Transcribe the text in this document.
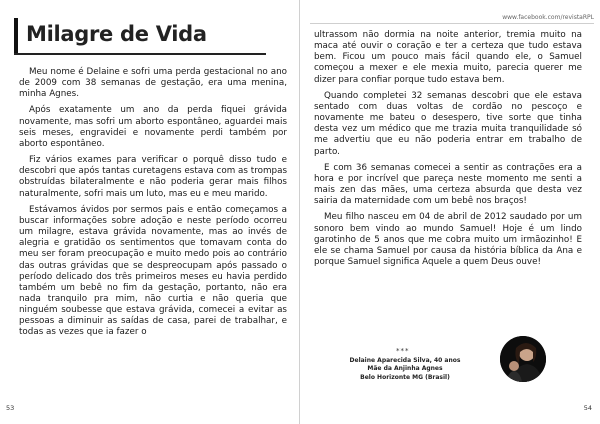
Milagre de Vida

Meu nome é Delaine e sofri uma perda gestacional no ano de 2009 com 38 semanas de gestação, era uma menina, minha Agnes.

Após exatamente um ano da perda fiquei grávida novamente, mas sofri um aborto espontâneo, aguardei mais seis meses, engravidei e novamente perdi também por aborto espontâneo.

Fiz vários exames para verificar o porquê disso tudo e descobri que após tantas curetagens estava com as trompas obstruídas bilateralmente e não poderia gerar mais filhos naturalmente, sofri mais um luto, mas eu e meu marido.

Estávamos ávidos por sermos pais e então começamos a buscar informações sobre adoção e neste período ocorreu um milagre, estava grávida novamente, mas ao invés de alegria e gratidão os sentimentos que tomavam conta do meu ser foram preocupação e muito medo pois ao contrário das outras grávidas que se despreocupam após passado o período delicado dos três primeiros meses eu havia perdido também um bebê no fim da gestação, portanto, não era nada tranquilo pra mim, não curtia e não queria que ninguém soubesse que estava grávida, comecei a evitar as pessoas a diminuir as saídas de casa, parei de trabalhar, e todas as vezes que ia fazer o

53
www.facebook.com/revistaRPL

ultrassom não dormia na noite anterior, tremia muito na maca até ouvir o coração e ter a certeza que tudo estava bem. Ficou um pouco mais fácil quando ele, o Samuel começou a mexer e ele mexia muito, parecia querer me dizer para confiar porque tudo estava bem.

Quando completei 32 semanas descobri que ele estava sentado com duas voltas de cordão no pescoço e novamente me bateu o desespero, tive sorte que tinha desta vez um médico que me trazia muita tranquilidade só me advertiu que eu não poderia entrar em trabalho de parto.

E com 36 semanas comecei a sentir as contrações era a hora e por incrível que pareça neste momento me senti a mais zen das mães, uma certeza absurda que desta vez sairia da maternidade com um bebê nos braços!

Meu filho nasceu em 04 de abril de 2012 saudado por um sonoro bem vindo ao mundo Samuel! Hoje é um lindo garotinho de 5 anos que me cobra muito um irmãozinho! E ele se chama Samuel por causa da história bíblica da Ana e porque Samuel significa Aquele a quem Deus ouve!

***
Delaine Aparecida Silva, 40 anos
Mãe da Anjinha Agnes
Belo Horizonte MG (Brasil)
54
